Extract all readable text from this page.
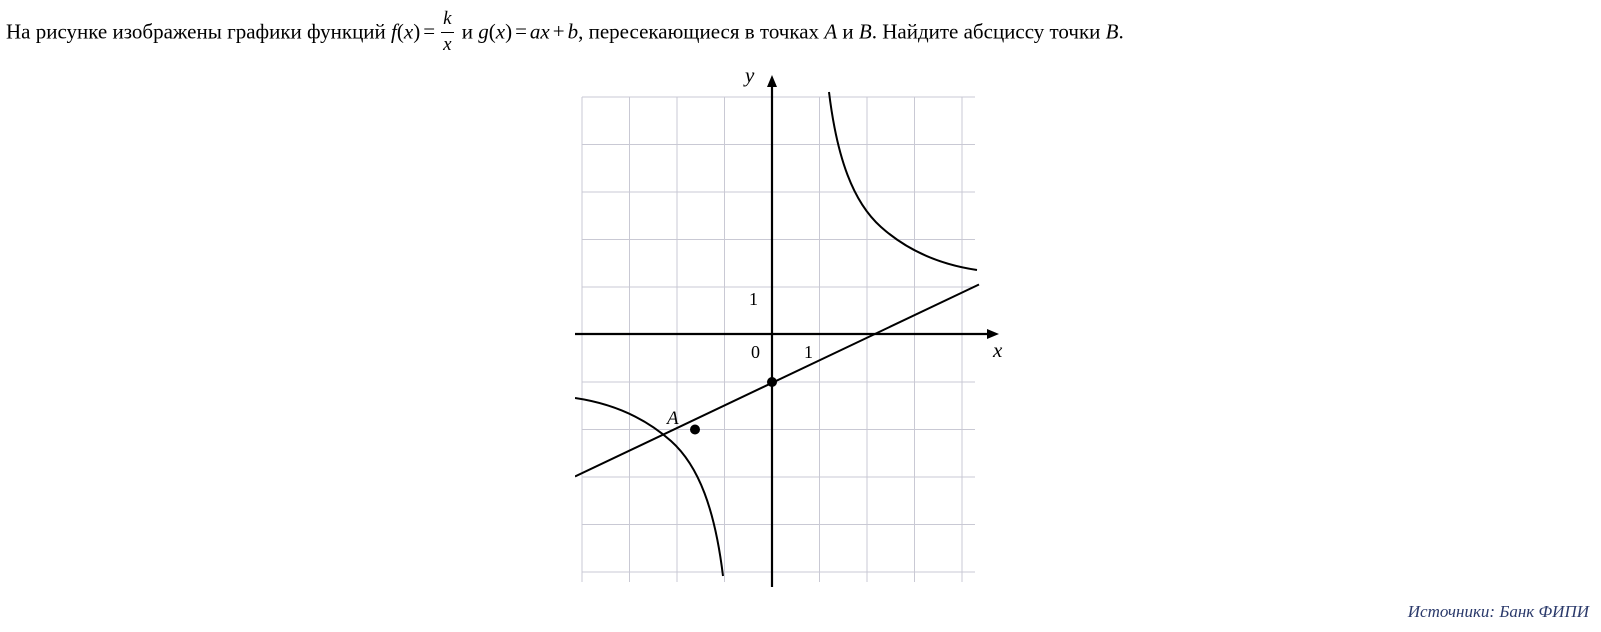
На рисунке изображены графики функций $f(x) = \frac{k}{x}$ и g(x) = ax + b, пересекающиеся в точках A и B. Найдите абсциссу точки B.
y
x
0 1
1
A
Источники: Банк ФИПИ
